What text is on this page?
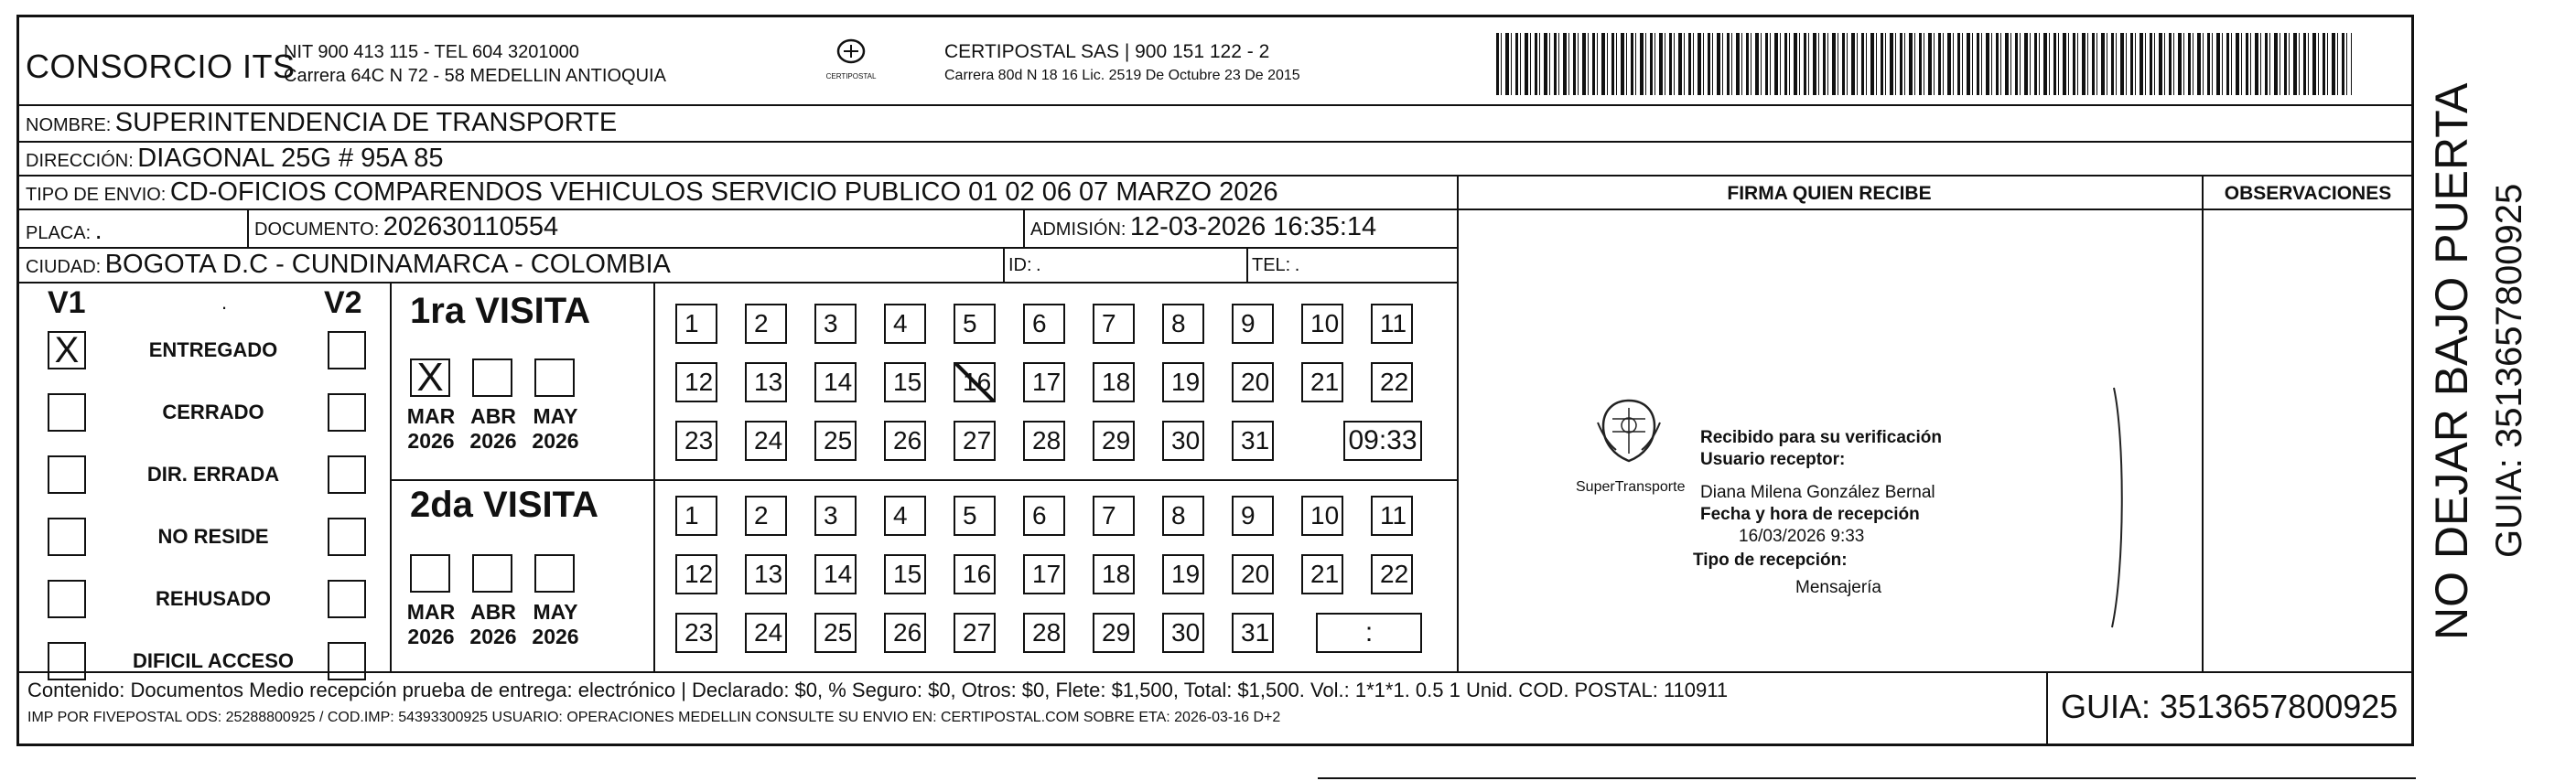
CONSORCIO ITS
NIT 900 413 115 - TEL 604 3201000
Carrera 64C N 72 - 58 MEDELLIN ANTIOQUIA	CERTIPOSTAL
CERTIPOSTAL SAS | 900 151 122 - 2
Carrera 80d N 18 16 Lic. 2519 De Octubre 23 De 2015
NOMBRE: SUPERINTENDENCIA DE TRANSPORTE
DIRECCIÓN: DIAGONAL 25G # 95A 85
TIPO DE ENVIO: CD-OFICIOS COMPARENDOS VEHICULOS SERVICIO PUBLICO 01 02 06 07 MARZO 2026
PLACA: .	DOCUMENTO: 202630110554	ADMISIÓN: 12-03-2026 16:35:14
CIUDAD: BOGOTA D.C - CUNDINAMARCA - COLOMBIA	ID: .	TEL: .
FIRMA QUIEN RECIBE	OBSERVACIONES
V1	.	V2
X	ENTREGADO
CERRADO
DIR. ERRADA
NO RESIDE
REHUSADO
DIFICIL ACCESO
1ra VISITA
X
MAR
2026
ABR
2026
MAY
2026
1	2	3	4	5	6	7	8	9	10	11
12	13	14	15	16	17	18	19	20	21	22
23	24	25	26	27	28	29	30	31	09:33
2da VISITA
MAR
2026
ABR
2026
MAY
2026
1	2	3	4	5	6	7	8	9	10	11
12	13	14	15	16	17	18	19	20	21	22
23	24	25	26	27	28	29	30	31	:
SuperTransporte
Recibido para su verificación
Usuario receptor:
Diana Milena González Bernal
Fecha y hora de recepción
16/03/2026 9:33
Tipo de recepción:
Mensajería
Contenido: Documentos Medio recepción prueba de entrega: electrónico | Declarado: $0, % Seguro: $0, Otros: $0, Flete: $1,500, Total: $1,500. Vol.: 1*1*1. 0.5 1 Unid. COD. POSTAL: 110911
IMP POR FIVEPOSTAL ODS: 25288800925 / COD.IMP: 54393300925 USUARIO: OPERACIONES MEDELLIN CONSULTE SU ENVIO EN: CERTIPOSTAL.COM SOBRE ETA: 2026-03-16 D+2	GUIA: 3513657800925
NO DEJAR BAJO PUERTA GUIA: 3513657800925
